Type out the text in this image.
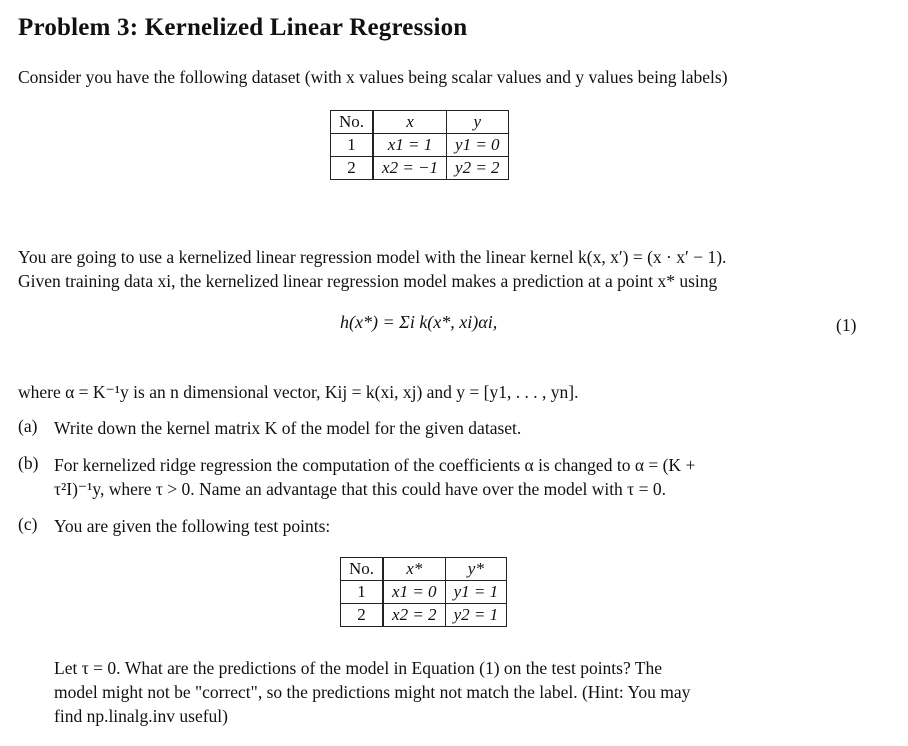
Problem 3: Kernelized Linear Regression
Consider you have the following dataset (with x values being scalar values and y values being labels)
No.	x	y
1	x1 = 1	y1 = 0
2	x2 = −1	y2 = 2
You are going to use a kernelized linear regression model with the linear kernel k(x, x′) = (x · x′ − 1).
Given training data xi, the kernelized linear regression model makes a prediction at a point x* using
h(x*) = Σi k(x*, xi)αi,	(1)
where α = K⁻¹y is an n dimensional vector, Kij = k(xi, xj) and y = [y1, . . . , yn].
(a) Write down the kernel matrix K of the model for the given dataset.
(b) For kernelized ridge regression the computation of the coefficients α is changed to α = (K +
τ²I)⁻¹y, where τ > 0. Name an advantage that this could have over the model with τ = 0.
(c) You are given the following test points:
No.	x*	y*
1	x1 = 0	y1 = 1
2	x2 = 2	y2 = 1
Let τ = 0. What are the predictions of the model in Equation (1) on the test points? The
model might not be "correct", so the predictions might not match the label. (Hint: You may
find np.linalg.inv useful)
